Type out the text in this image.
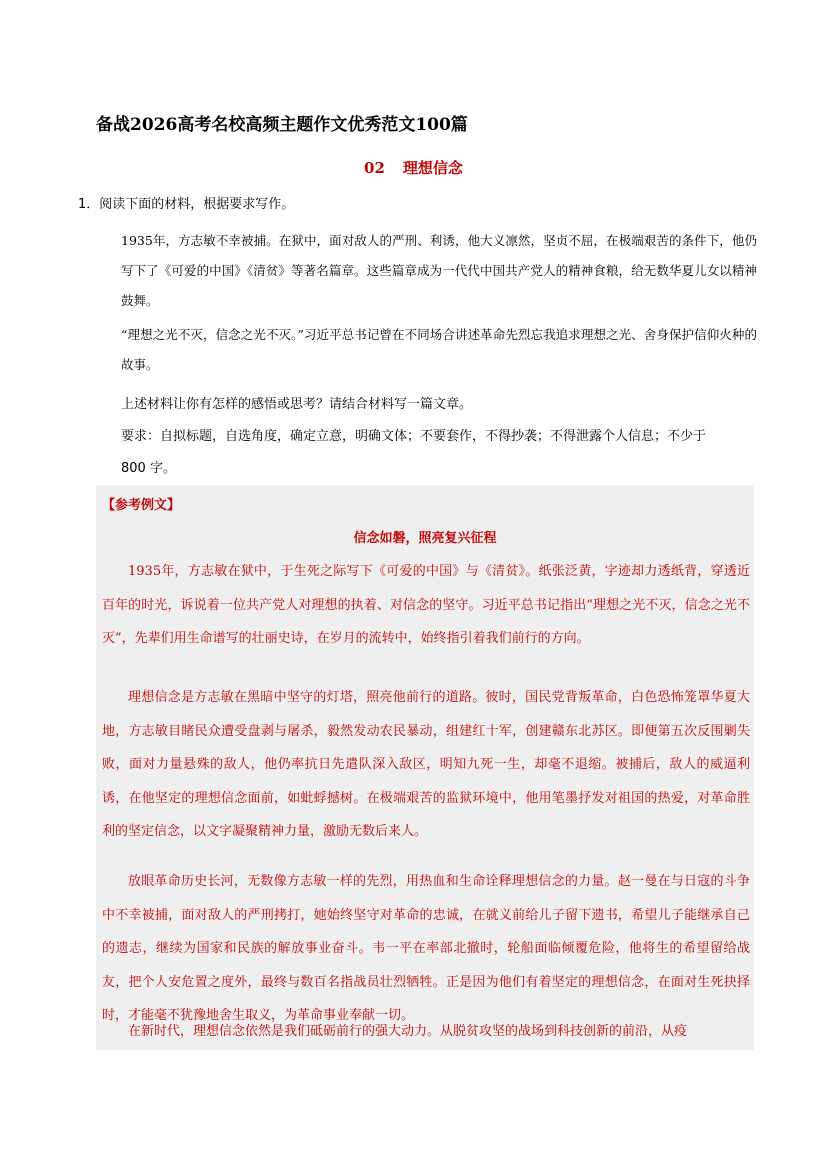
备战2026高考名校高频主题作文优秀范文100篇
02 理想信念

1．阅读下面的材料，根据要求写作。

1935年，方志敏不幸被捕。在狱中，面对敌人的严刑、利诱，他大义凛然，坚贞不屈，在极端艰苦的条件下，他仍写下了《可爱的中国》《清贫》等著名篇章。这些篇章成为一代代中国共产党人的精神食粮，给无数华夏儿女以精神鼓舞。

“理想之光不灭，信念之光不灭。”习近平总书记曾在不同场合讲述革命先烈忘我追求理想之光、舍身保护信仰火种的故事。

上述材料让你有怎样的感悟或思考？请结合材料写一篇文章。

要求：自拟标题，自选角度，确定立意，明确文体；不要套作，不得抄袭；不得泄露个人信息；不少于

800 字。

【参考例文】

信念如磐，照亮复兴征程

1935年，方志敏在狱中，于生死之际写下《可爱的中国》与《清贫》。纸张泛黄，字迹却力透纸背，穿透近百年的时光，诉说着一位共产党人对理想的执着、对信念的坚守。习近平总书记指出“理想之光不灭，信念之光不灭”，先辈们用生命谱写的壮丽史诗，在岁月的流转中，始终指引着我们前行的方向。

理想信念是方志敏在黑暗中坚守的灯塔，照亮他前行的道路。彼时，国民党背叛革命，白色恐怖笼罩华夏大地，方志敏目睹民众遭受盘剥与屠杀，毅然发动农民暴动，组建红十军，创建赣东北苏区。即便第五次反围剿失败，面对力量悬殊的敌人，他仍率抗日先遣队深入敌区，明知九死一生，却毫不退缩。被捕后，敌人的威逼利诱，在他坚定的理想信念面前，如蚍蜉撼树。在极端艰苦的监狱环境中，他用笔墨抒发对祖国的热爱，对革命胜利的坚定信念，以文字凝聚精神力量，激励无数后来人。

放眼革命历史长河，无数像方志敏一样的先烈，用热血和生命诠释理想信念的力量。赵一曼在与日寇的斗争中不幸被捕，面对敌人的严刑拷打，她始终坚守对革命的忠诚，在就义前给儿子留下遗书，希望儿子能继承自己的遗志，继续为国家和民族的解放事业奋斗。韦一平在率部北撤时，轮船面临倾覆危险，他将生的希望留给战友，把个人安危置之度外，最终与数百名指战员壮烈牺牲。正是因为他们有着坚定的理想信念，在面对生死抉择时，才能毫不犹豫地舍生取义，为革命事业奉献一切。

在新时代，理想信念依然是我们砥砺前行的强大动力。从脱贫攻坚的战场到科技创新的前沿，从疫
